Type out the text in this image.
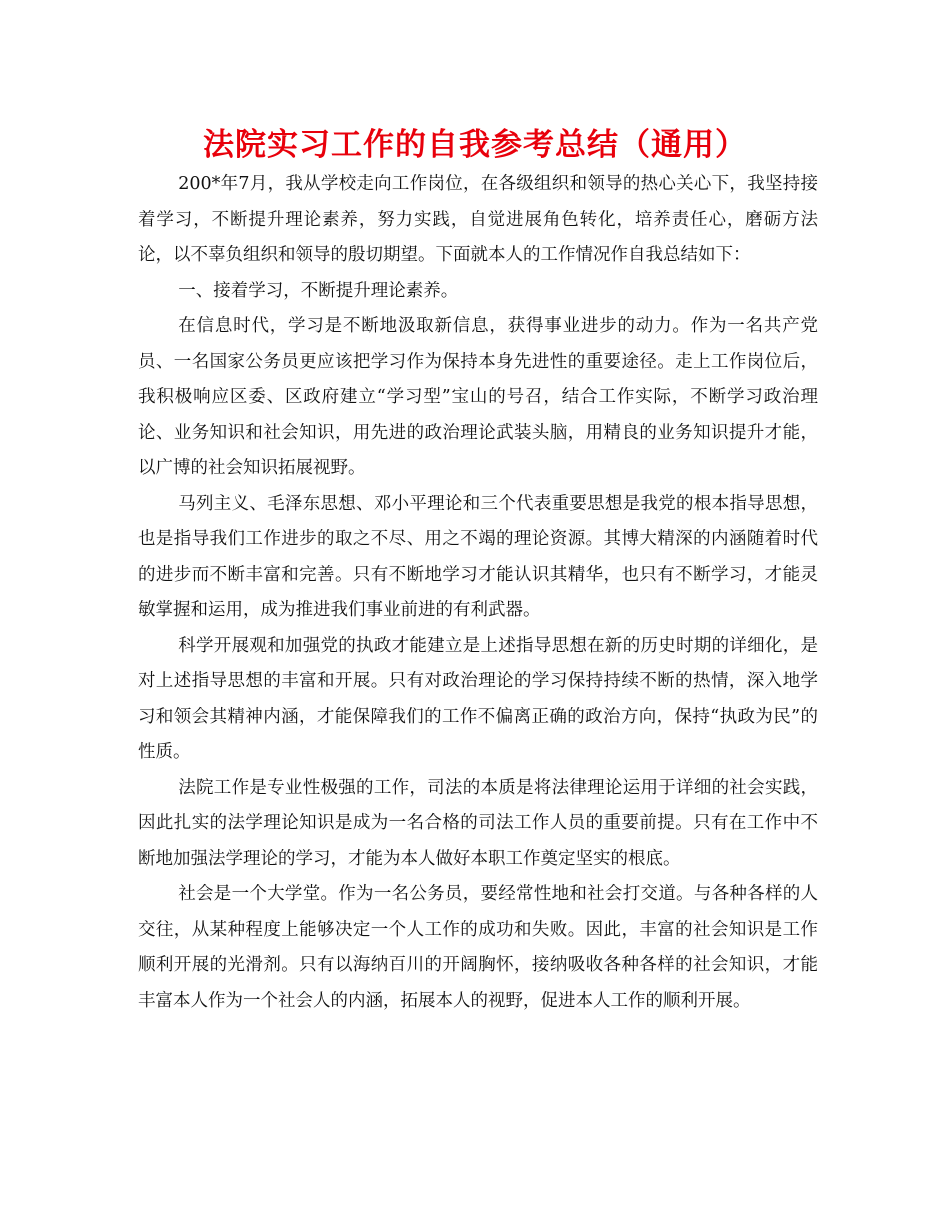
法院实习工作的自我参考总结（通用）

200*年7月，我从学校走向工作岗位，在各级组织和领导的热心关心下，我坚持接着学习，不断提升理论素养，努力实践，自觉进展角色转化，培养责任心，磨砺方法论，以不辜负组织和领导的殷切期望。下面就本人的工作情况作自我总结如下：

一、接着学习，不断提升理论素养。

在信息时代，学习是不断地汲取新信息，获得事业进步的动力。作为一名共产党员、一名国家公务员更应该把学习作为保持本身先进性的重要途径。走上工作岗位后，我积极响应区委、区政府建立“学习型”宝山的号召，结合工作实际，不断学习政治理论、业务知识和社会知识，用先进的政治理论武装头脑，用精良的业务知识提升才能，以广博的社会知识拓展视野。

马列主义、毛泽东思想、邓小平理论和三个代表重要思想是我党的根本指导思想，也是指导我们工作进步的取之不尽、用之不竭的理论资源。其博大精深的内涵随着时代的进步而不断丰富和完善。只有不断地学习才能认识其精华，也只有不断学习，才能灵敏掌握和运用，成为推进我们事业前进的有利武器。

科学开展观和加强党的执政才能建立是上述指导思想在新的历史时期的详细化，是对上述指导思想的丰富和开展。只有对政治理论的学习保持持续不断的热情，深入地学习和领会其精神内涵，才能保障我们的工作不偏离正确的政治方向，保持“执政为民”的性质。

法院工作是专业性极强的工作，司法的本质是将法律理论运用于详细的社会实践，因此扎实的法学理论知识是成为一名合格的司法工作人员的重要前提。只有在工作中不断地加强法学理论的学习，才能为本人做好本职工作奠定坚实的根底。

社会是一个大学堂。作为一名公务员，要经常性地和社会打交道。与各种各样的人交往，从某种程度上能够决定一个人工作的成功和失败。因此，丰富的社会知识是工作顺利开展的光滑剂。只有以海纳百川的开阔胸怀，接纳吸收各种各样的社会知识，才能丰富本人作为一个社会人的内涵，拓展本人的视野，促进本人工作的顺利开展。
